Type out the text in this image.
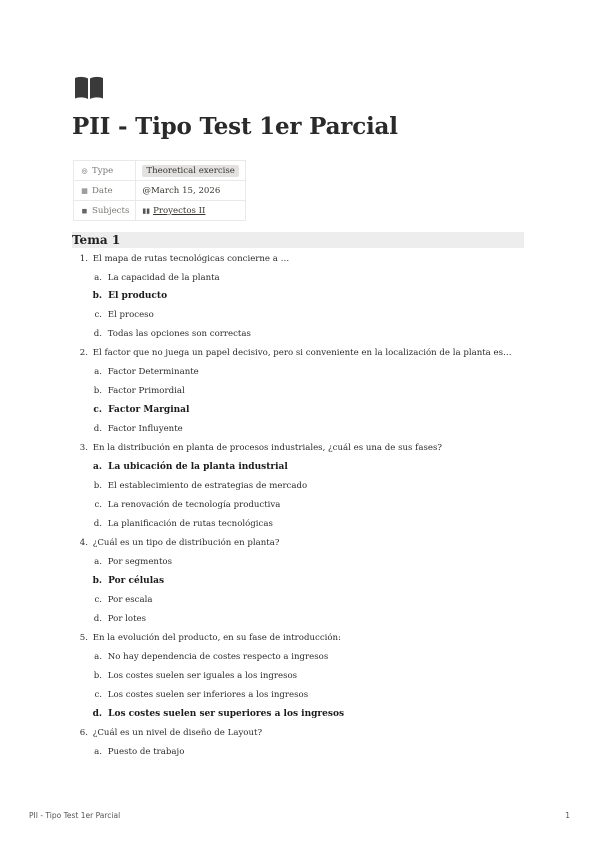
PII - Tipo Test 1er Parcial
◎ Type	Theoretical exercise
▦ Date	@March 15, 2026
◼ Subjects	▮▮ Proyectos II
Tema 1
1. El mapa de rutas tecnológicas concierne a …
a. La capacidad de la planta
b. El producto
c. El proceso
d. Todas las opciones son correctas
2. El factor que no juega un papel decisivo, pero si conveniente en la localización de la planta es…
a. Factor Determinante
b. Factor Primordial
c. Factor Marginal
d. Factor Influyente
3. En la distribución en planta de procesos industriales, ¿cuál es una de sus fases?
a. La ubicación de la planta industrial
b. El establecimiento de estrategias de mercado
c. La renovación de tecnología productiva
d. La planificación de rutas tecnológicas
4. ¿Cuál es un tipo de distribución en planta?
a. Por segmentos
b. Por células
c. Por escala
d. Por lotes
5. En la evolución del producto, en su fase de introducción:
a. No hay dependencia de costes respecto a ingresos
b. Los costes suelen ser iguales a los ingresos
c. Los costes suelen ser inferiores a los ingresos
d. Los costes suelen ser superiores a los ingresos
6. ¿Cuál es un nivel de diseño de Layout?
a. Puesto de trabajo
PII - Tipo Test 1er Parcial	1
